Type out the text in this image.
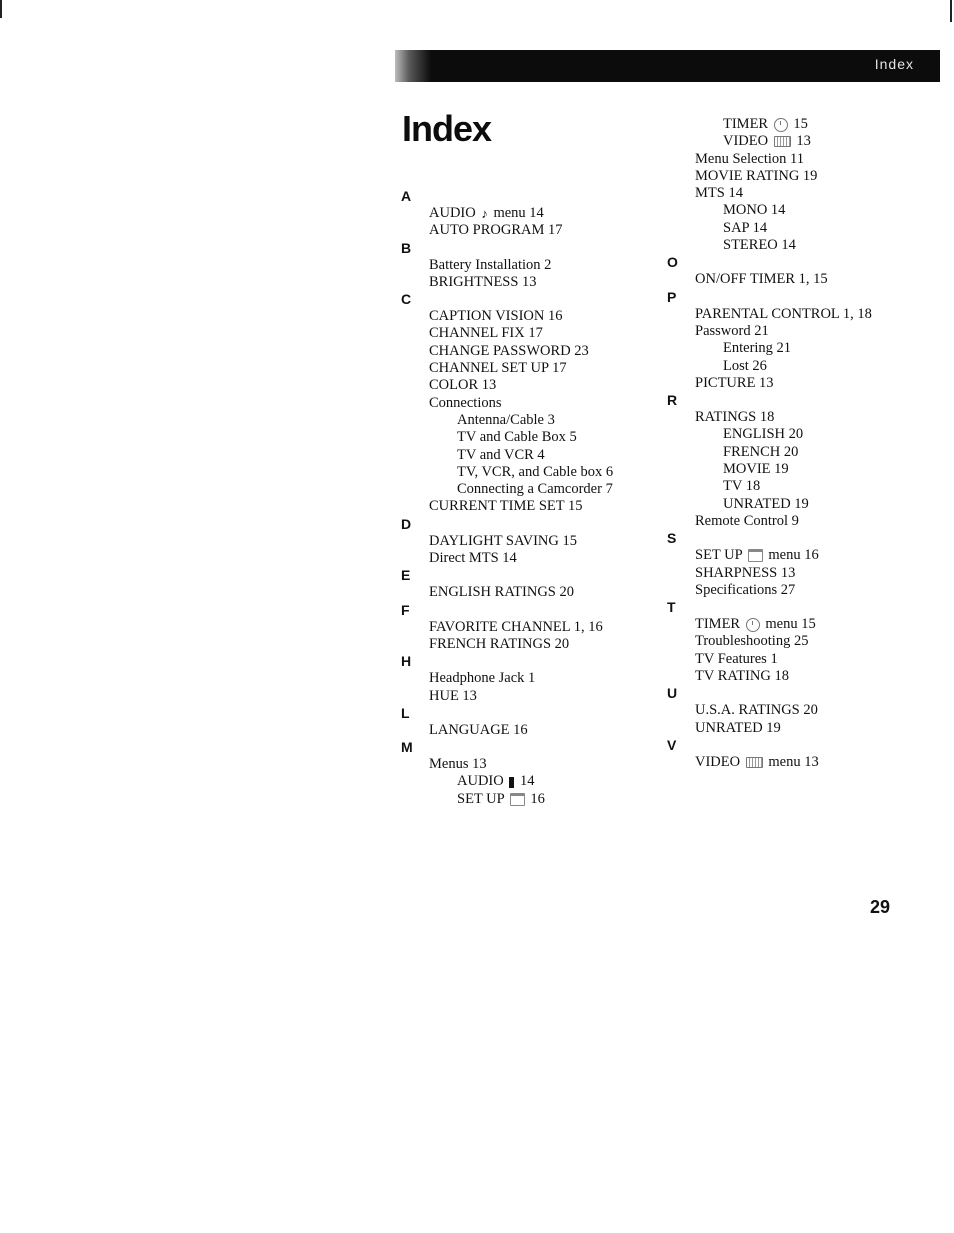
Index
Index
A
AUDIO ♪ menu 14
AUTO PROGRAM 17
B
Battery Installation 2
BRIGHTNESS 13
C
CAPTION VISION 16
CHANNEL FIX 17
CHANGE PASSWORD 23
CHANNEL SET UP 17
COLOR 13
Connections
Antenna/Cable 3
TV and Cable Box 5
TV and VCR 4
TV, VCR, and Cable box 6
Connecting a Camcorder 7
CURRENT TIME SET 15
D
DAYLIGHT SAVING 15
Direct MTS 14
E
ENGLISH RATINGS 20
F
FAVORITE CHANNEL 1, 16
FRENCH RATINGS 20
H
Headphone Jack 1
HUE 13
L
LANGUAGE 16
M
Menus 13
AUDIO  14
SET UP  16
TIMER  15
VIDEO  13
Menu Selection 11
MOVIE RATING 19
MTS 14
MONO 14
SAP 14
STEREO 14
O
ON/OFF TIMER 1, 15
P
PARENTAL CONTROL 1, 18
Password 21
Entering 21
Lost 26
PICTURE 13
R
RATINGS 18
ENGLISH 20
FRENCH 20
MOVIE 19
TV 18
UNRATED 19
Remote Control 9
S
SET UP  menu 16
SHARPNESS 13
Specifications 27
T
TIMER  menu 15
Troubleshooting 25
TV Features 1
TV RATING 18
U
U.S.A. RATINGS 20
UNRATED 19
V
VIDEO  menu 13
29
